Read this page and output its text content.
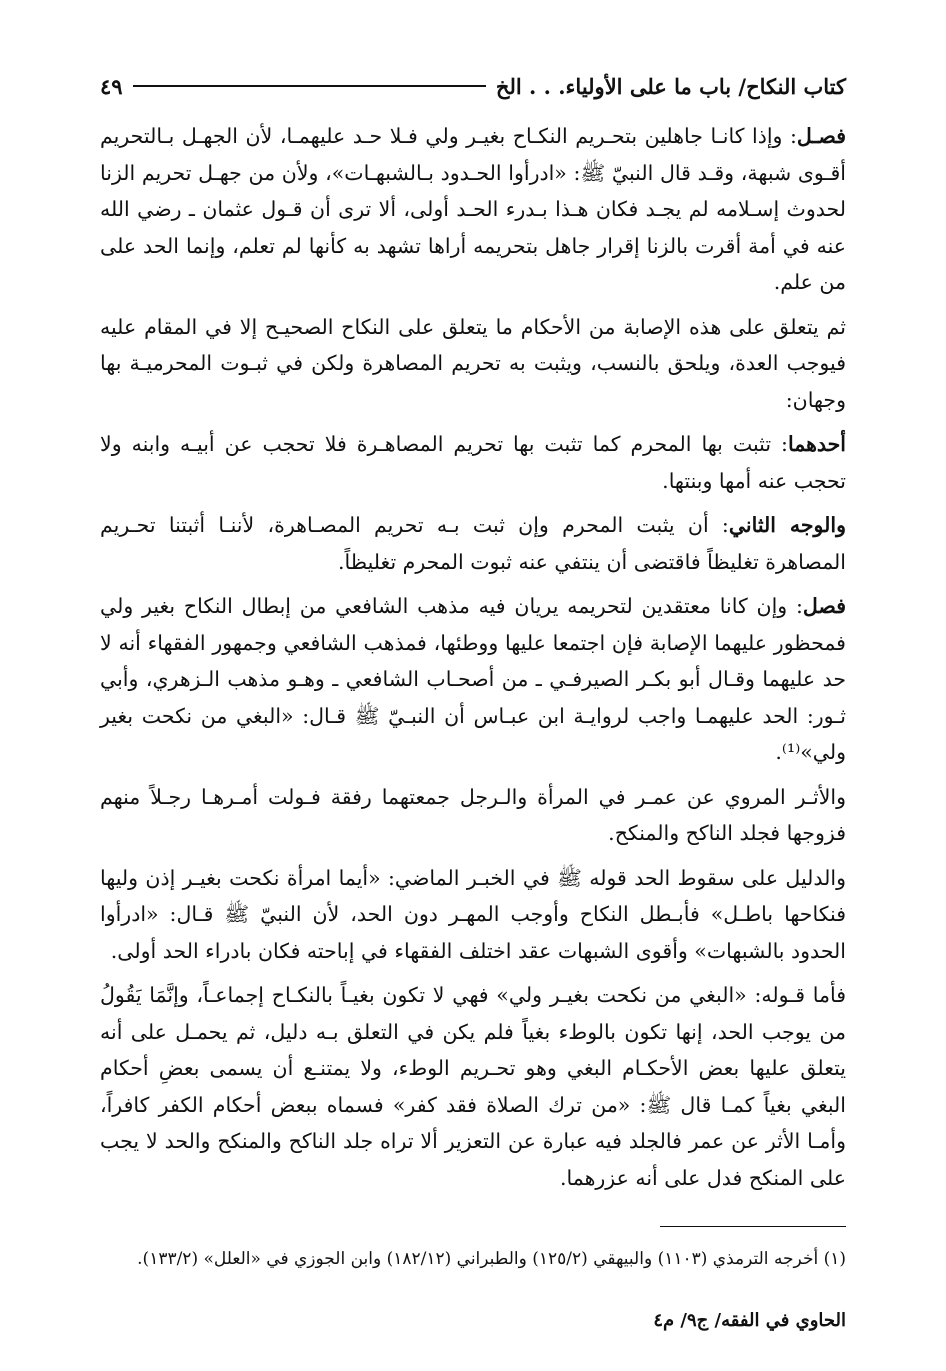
كتاب النكاح/ باب ما على الأولياء. . . الخ
٤٩

فصـل: وإذا كانـا جاهلين بتحـريم النكـاح بغيـر ولي فـلا حـد عليهمـا، لأن الجهـل بـالتحريم أقـوى شبهة، وقـد قال النبيّ ﷺ: «ادرأوا الحـدود بـالشبهـات»، ولأن من جهـل تحريم الزنا لحدوث إسـلامه لم يجـد فكان هـذا بـدرء الحـد أولى، ألا ترى أن قـول عثمان ـ رضي الله عنه في أمة أقرت بالزنا إقرار جاهل بتحريمه أراها تشهد به كأنها لم تعلم، وإنما الحد على من علم.

ثم يتعلق على هذه الإصابة من الأحكام ما يتعلق على النكاح الصحيـح إلا في المقام عليه فيوجب العدة، ويلحق بالنسب، ويثبت به تحريم المصاهرة ولكن في ثبـوت المحرميـة بها وجهان:

أحدهما: تثبت بها المحرم كما تثبت بها تحريم المصاهـرة فلا تحجب عن أبيـه وابنه ولا تحجب عنه أمها وبنتها.

والوجه الثاني: أن يثبت المحرم وإن ثبت بـه تحريم المصـاهرة، لأننـا أثبتنا تحـريم المصاهرة تغليظاً فاقتضى أن ينتفي عنه ثبوت المحرم تغليظاً.

فصل: وإن كانا معتقدين لتحريمه يريان فيه مذهب الشافعي من إبطال النكاح بغير ولي فمحظور عليهما الإصابة فإن اجتمعا عليها ووطئها، فمذهب الشافعي وجمهور الفقهاء أنه لا حد عليهما وقـال أبو بكـر الصيرفـي ـ من أصحـاب الشافعي ـ وهـو مذهب الـزهري، وأبي ثـور: الحد عليهمـا واجب لروايـة ابن عبـاس أن النبـيّ ﷺ قـال: «البغي من نكحت بغير ولي»⁽¹⁾.

والأثـر المروي عن عمـر في المرأة والـرجل جمعتهما رفقة فـولت أمـرهـا رجـلاً منهم فزوجها فجلد الناكح والمنكح.

والدليل على سقوط الحد قوله ﷺ في الخبـر الماضي: «أيما امرأة نكحت بغيـر إذن وليها فنكاحها باطـل» فأبـطل النكاح وأوجب المهـر دون الحد، لأن النبيّ ﷺ قـال: «ادرأوا الحدود بالشبهات» وأقوى الشبهات عقد اختلف الفقهاء في إباحته فكان بادراء الحد أولى.

فأما قـوله: «البغي من نكحت بغيـر ولي» فهي لا تكون بغيـاً بالنكـاح إجماعـاً، وإنَّمَا يَقُولُ من يوجب الحد، إنها تكون بالوطء بغياً فلم يكن في التعلق بـه دليل، ثم يحمـل على أنه يتعلق عليها بعض الأحكـام البغي وهو تحـريم الوطء، ولا يمتنـع أن يسمى بعضِ أحكام البغي بغياً كمـا قال ﷺ: «من ترك الصلاة فقد كفر» فسماه ببعض أحكام الكفر كافراً، وأمـا الأثر عن عمر فالجلد فيه عبارة عن التعزير ألا تراه جلد الناكح والمنكح والحد لا يجب على المنكح فدل على أنه عزرهما.

(١) أخرجه الترمذي (١١٠٣) والبيهقي (١٢٥/٢) والطبراني (١٨٢/١٢) وابن الجوزي في «العلل» (١٣٣/٢).
الحاوي في الفقه/ ج٩/ م٤
